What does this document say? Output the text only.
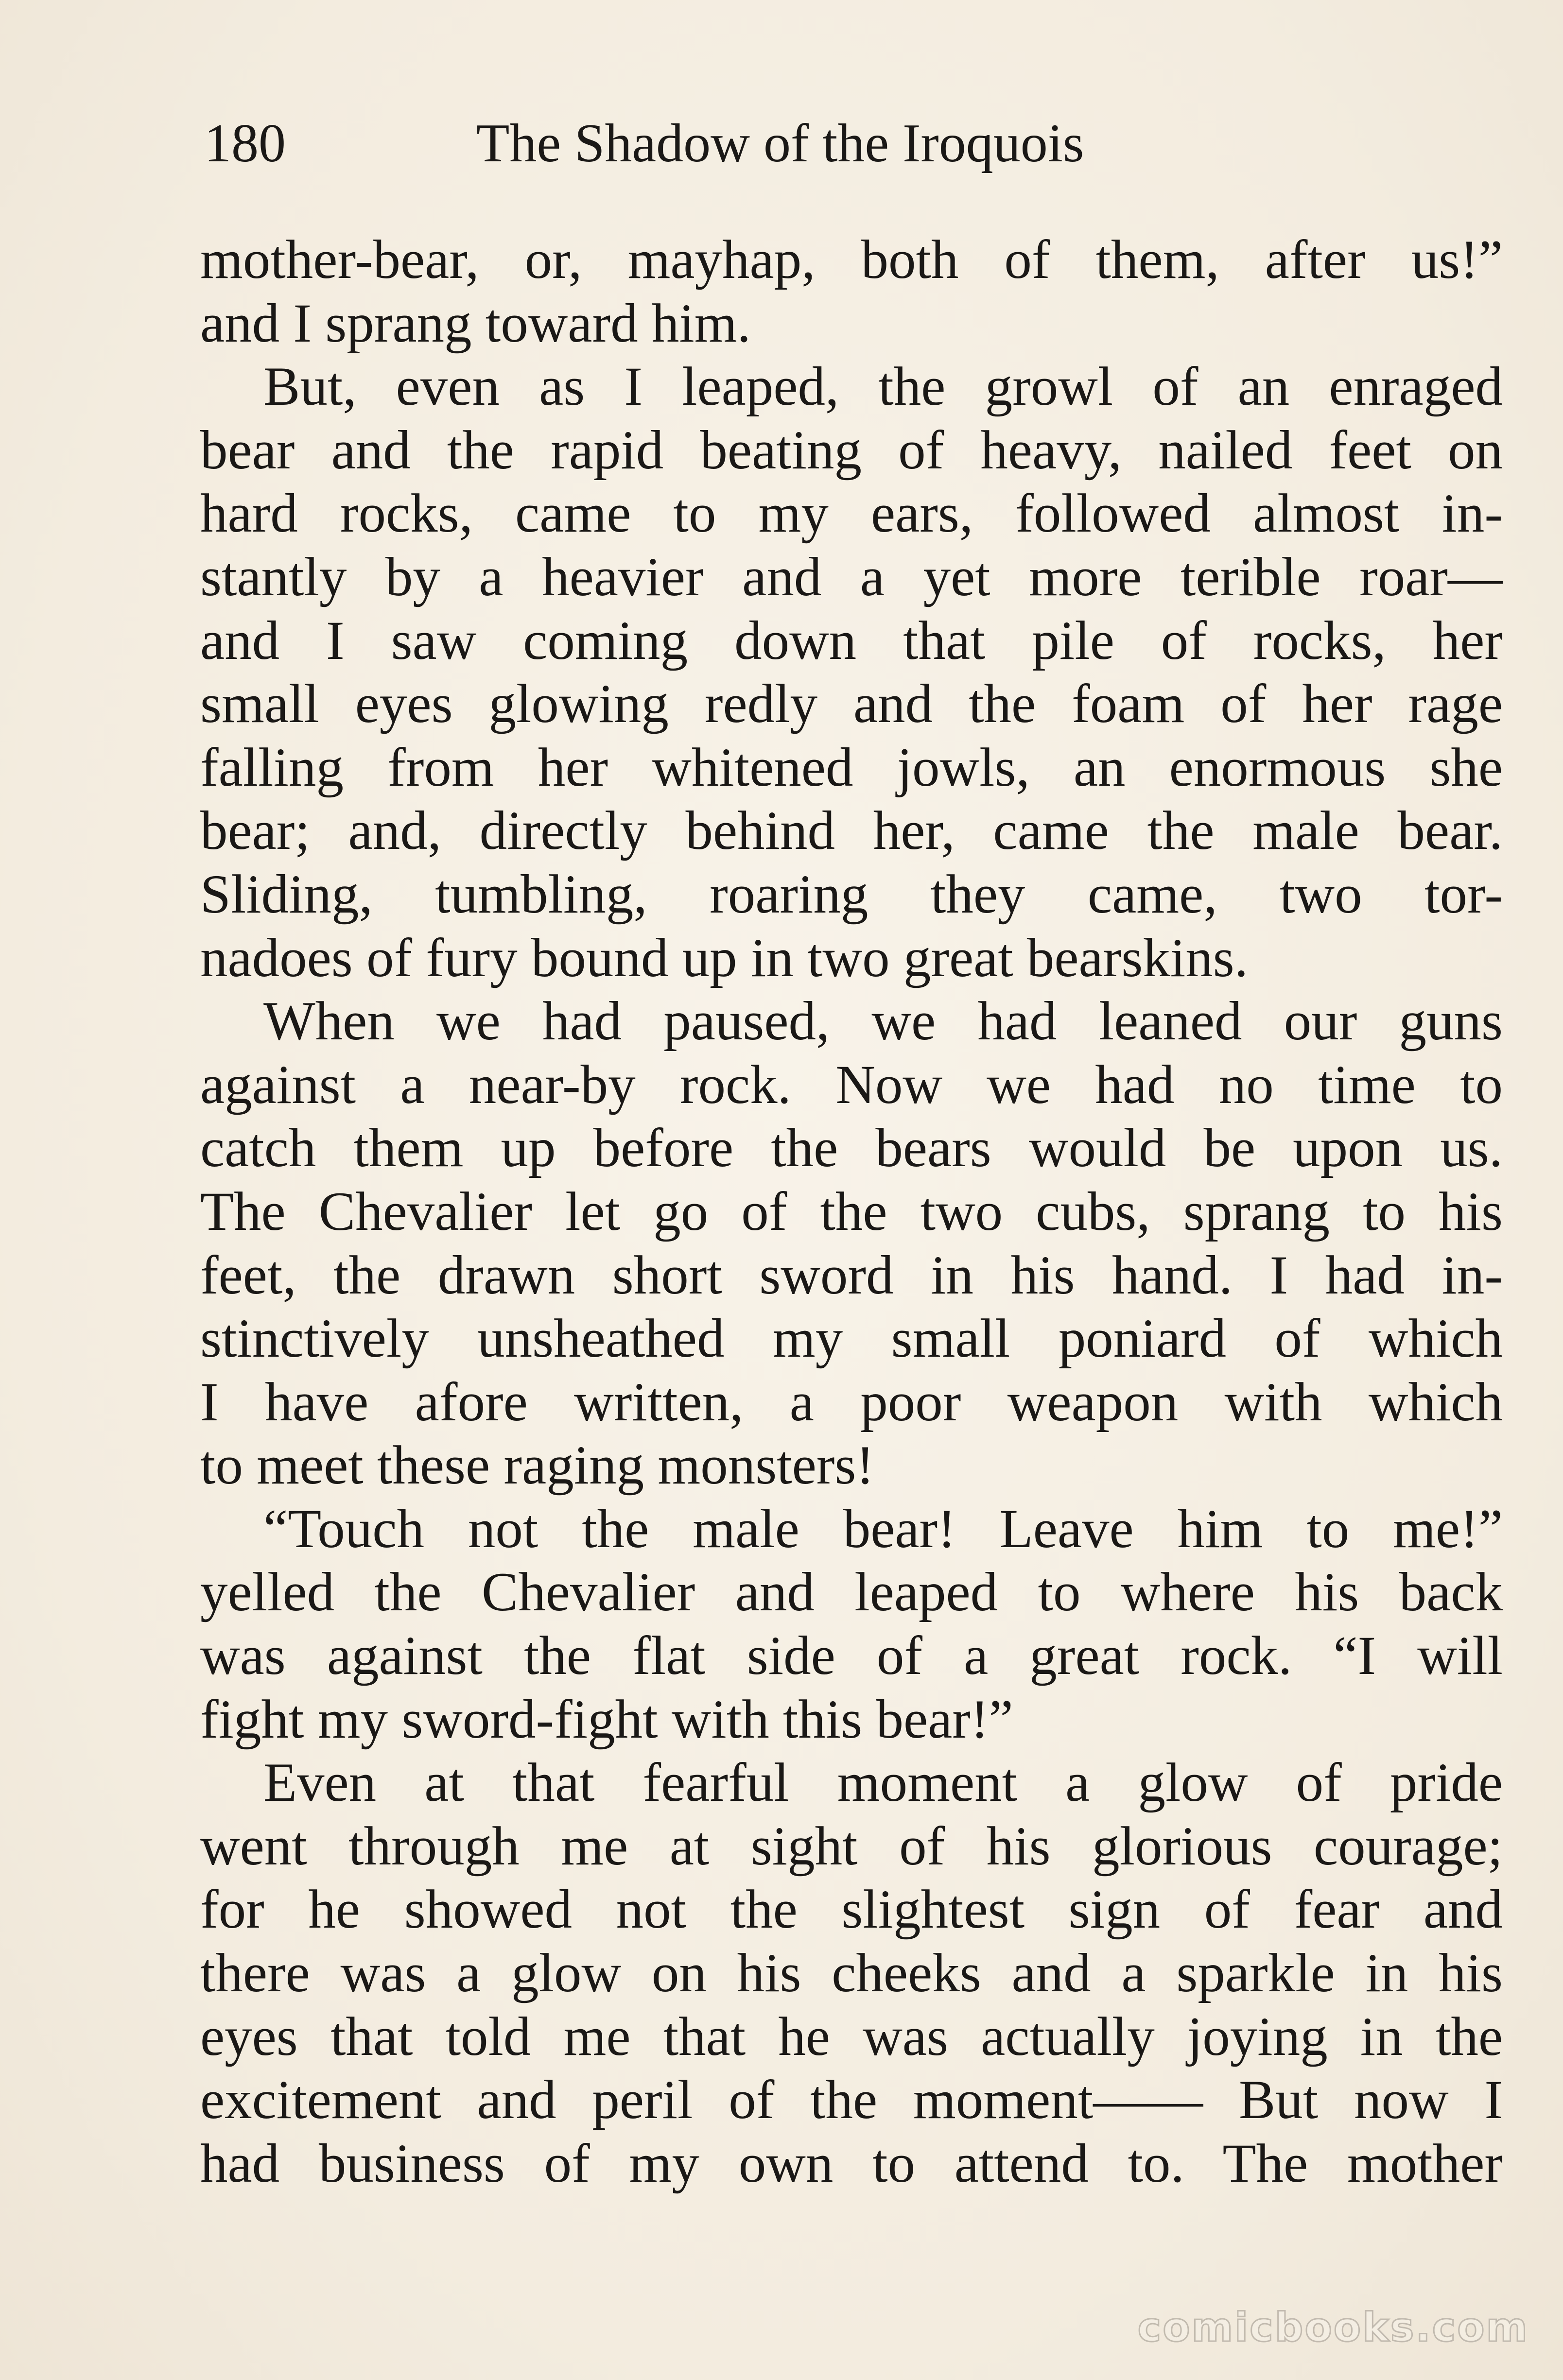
180	The Shadow of the Iroquois
mother-bear, or, mayhap, both of them, after us!”
and I sprang toward him.
But, even as I leaped, the growl of an enraged
bear and the rapid beating of heavy, nailed feet on
hard rocks, came to my ears, followed almost in-
stantly by a heavier and a yet more terible roar—
and I saw coming down that pile of rocks, her
small eyes glowing redly and the foam of her rage
falling from her whitened jowls, an enormous she
bear; and, directly behind her, came the male bear.
Sliding, tumbling, roaring they came, two tor-
nadoes of fury bound up in two great bearskins.
When we had paused, we had leaned our guns
against a near-by rock. Now we had no time to
catch them up before the bears would be upon us.
The Chevalier let go of the two cubs, sprang to his
feet, the drawn short sword in his hand. I had in-
stinctively unsheathed my small poniard of which
I have afore written, a poor weapon with which
to meet these raging monsters!
“Touch not the male bear! Leave him to me!”
yelled the Chevalier and leaped to where his back
was against the flat side of a great rock. “I will
fight my sword-fight with this bear!”
Even at that fearful moment a glow of pride
went through me at sight of his glorious courage;
for he showed not the slightest sign of fear and
there was a glow on his cheeks and a sparkle in his
eyes that told me that he was actually joying in the
excitement and peril of the moment—— But now I
had business of my own to attend to. The mother
comicbooks.com
